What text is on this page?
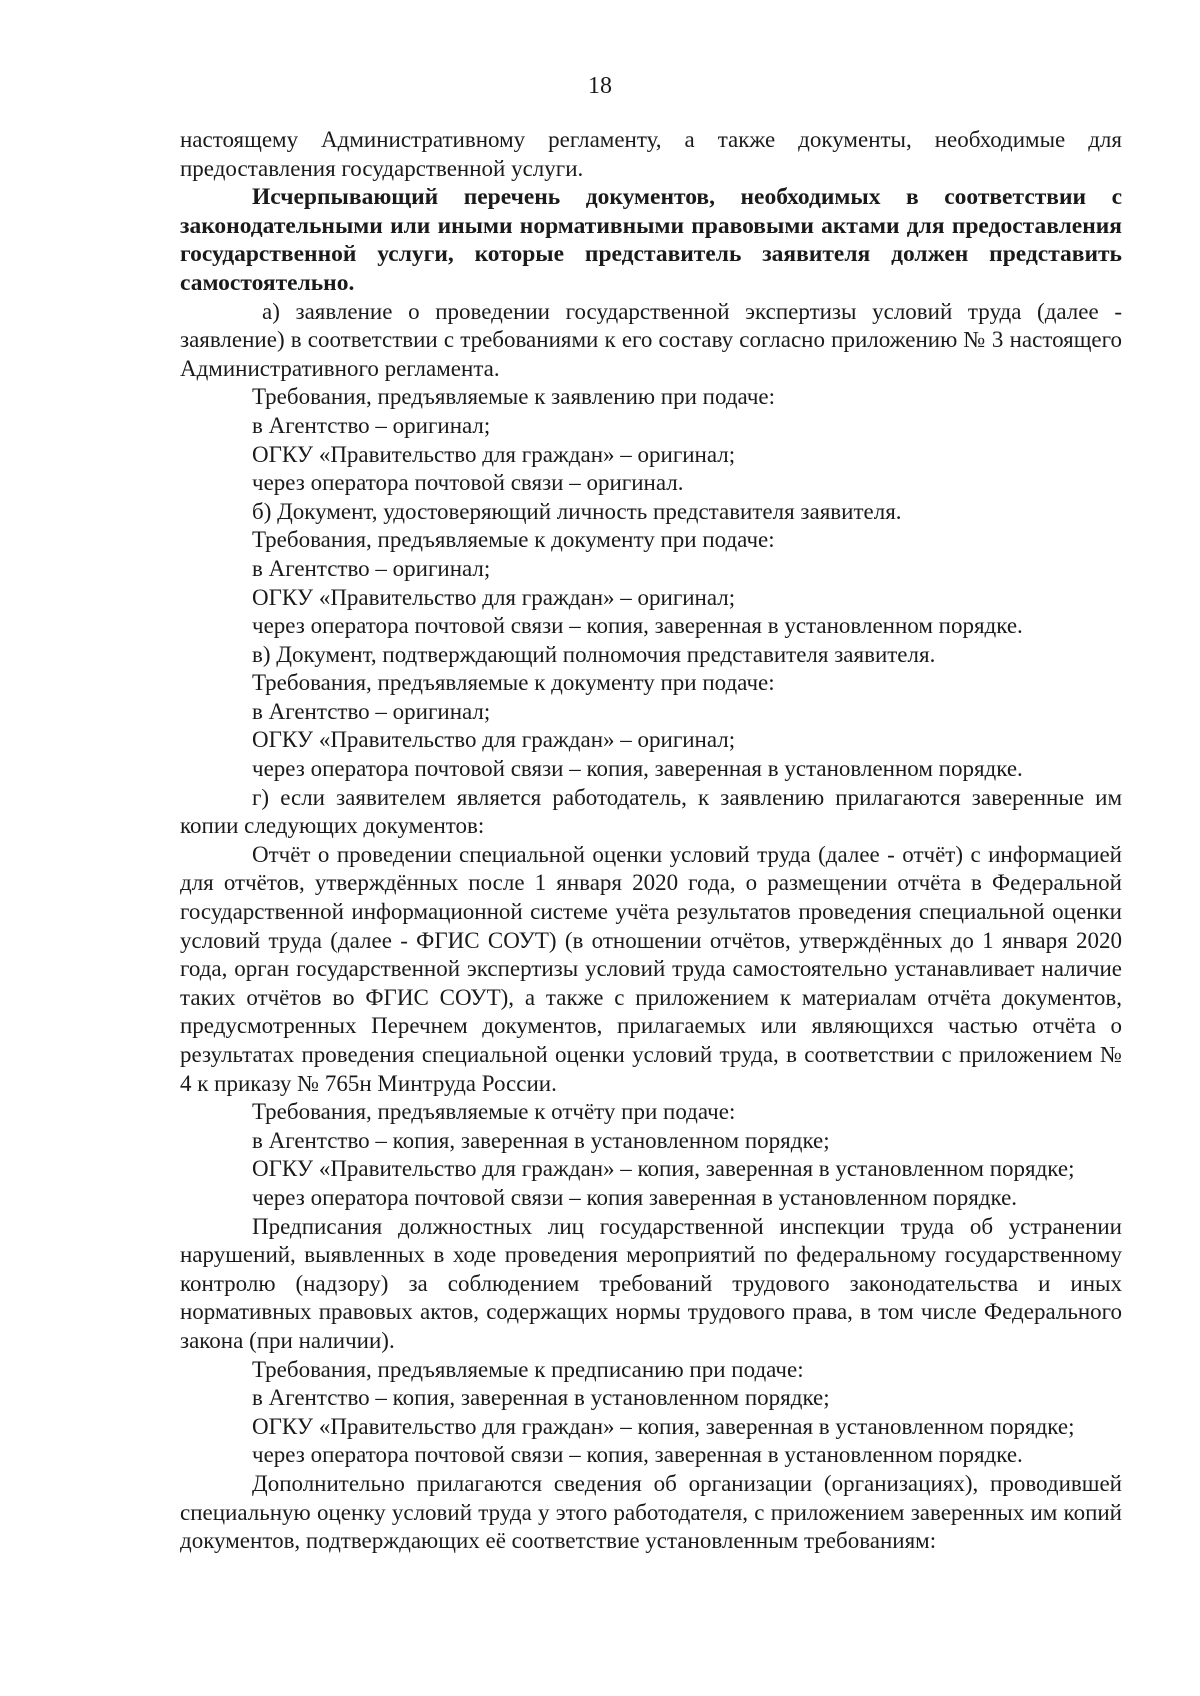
18

настоящему Административному регламенту, а также документы, необходимые для предоставления государственной услуги.

Исчерпывающий перечень документов, необходимых в соответствии с законодательными или иными нормативными правовыми актами для предоставления государственной услуги, которые представитель заявителя должен представить самостоятельно.

а) заявление о проведении государственной экспертизы условий труда (далее - заявление) в соответствии с требованиями к его составу согласно приложению № 3 настоящего Административного регламента.

Требования, предъявляемые к заявлению при подаче:

в Агентство – оригинал;

ОГКУ «Правительство для граждан» – оригинал;

через оператора почтовой связи – оригинал.

б) Документ, удостоверяющий личность представителя заявителя.

Требования, предъявляемые к документу при подаче:

в Агентство – оригинал;

ОГКУ «Правительство для граждан» – оригинал;

через оператора почтовой связи – копия, заверенная в установленном порядке.

в) Документ, подтверждающий полномочия представителя заявителя.

Требования, предъявляемые к документу при подаче:

в Агентство – оригинал;

ОГКУ «Правительство для граждан» – оригинал;

через оператора почтовой связи – копия, заверенная в установленном порядке.

г) если заявителем является работодатель, к заявлению прилагаются заверенные им копии следующих документов:

Отчёт о проведении специальной оценки условий труда (далее - отчёт) с информацией для отчётов, утверждённых после 1 января 2020 года, о размещении отчёта в Федеральной государственной информационной системе учёта результатов проведения специальной оценки условий труда (далее - ФГИС СОУТ) (в отношении отчётов, утверждённых до 1 января 2020 года, орган государственной экспертизы условий труда самостоятельно устанавливает наличие таких отчётов во ФГИС СОУТ), а также с приложением к материалам отчёта документов, предусмотренных Перечнем документов, прилагаемых или являющихся частью отчёта о результатах проведения специальной оценки условий труда, в соответствии с приложением № 4 к приказу № 765н Минтруда России.

Требования, предъявляемые к отчёту при подаче:

в Агентство – копия, заверенная в установленном порядке;

ОГКУ «Правительство для граждан» – копия, заверенная в установленном порядке;

через оператора почтовой связи – копия заверенная в установленном порядке.

Предписания должностных лиц государственной инспекции труда об устранении нарушений, выявленных в ходе проведения мероприятий по федеральному государственному контролю (надзору) за соблюдением требований трудового законодательства и иных нормативных правовых актов, содержащих нормы трудового права, в том числе Федерального закона (при наличии).

Требования, предъявляемые к предписанию при подаче:

в Агентство – копия, заверенная в установленном порядке;

ОГКУ «Правительство для граждан» – копия, заверенная в установленном порядке;

через оператора почтовой связи – копия, заверенная в установленном порядке.

Дополнительно прилагаются сведения об организации (организациях), проводившей специальную оценку условий труда у этого работодателя, с приложением заверенных им копий документов, подтверждающих её соответствие установленным требованиям:
